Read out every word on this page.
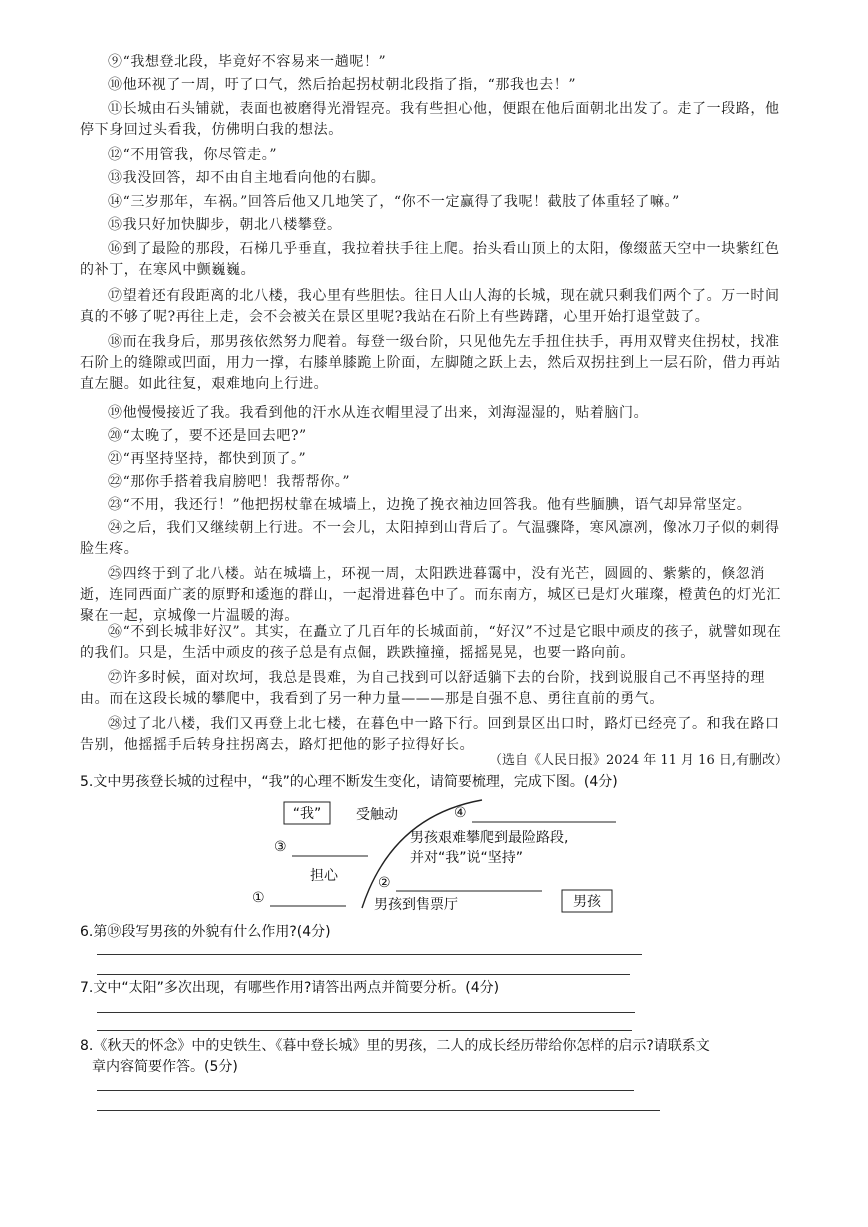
⑨“我想登北段，毕竟好不容易来一趟呢！”
⑩他环视了一周，吁了口气，然后抬起拐杖朝北段指了指，“那我也去！”
⑪长城由石头铺就，表面也被磨得光滑锃亮。我有些担心他，便跟在他后面朝北出发了。走了一段路，他停下身回过头看我，仿佛明白我的想法。
⑫“不用管我，你尽管走。”
⑬我没回答，却不由自主地看向他的右脚。
⑭“三岁那年，车祸。”回答后他又几地笑了，“你不一定赢得了我呢！截肢了体重轻了嘛。”
⑮我只好加快脚步，朝北八楼攀登。
⑯到了最险的那段，石梯几乎垂直，我拉着扶手往上爬。抬头看山顶上的太阳，像缀蓝天空中一块紫红色的补丁，在寒风中颤巍巍。
⑰望着还有段距离的北八楼，我心里有些胆怯。往日人山人海的长城，现在就只剩我们两个了。万一时间真的不够了呢?再往上走，会不会被关在景区里呢?我站在石阶上有些踌躇，心里开始打退堂鼓了。
⑱而在我身后，那男孩依然努力爬着。每登一级台阶，只见他先左手扭住扶手，再用双臂夹住拐杖，找准石阶上的缝隙或凹面，用力一撑，右膝单膝跪上阶面，左脚随之跃上去，然后双拐拄到上一层石阶，借力再站直左腿。如此往复，艰难地向上行进。
⑲他慢慢接近了我。我看到他的汗水从连衣帽里浸了出来，刘海湿湿的，贴着脑门。
⑳“太晚了，要不还是回去吧?”
㉑“再坚持坚持，都快到顶了。”
㉒“那你手搭着我肩膀吧！我帮帮你。”
㉓“不用，我还行！”他把拐杖靠在城墙上，边挽了挽衣袖边回答我。他有些腼腆，语气却异常坚定。
㉔之后，我们又继续朝上行进。不一会儿，太阳掉到山背后了。气温骤降，寒风凛冽，像冰刀子似的刺得脸生疼。
㉕四终于到了北八楼。站在城墙上，环视一周，太阳跌进暮霭中，没有光芒，圆圆的、紫紫的，倏忽消逝，连同西面广袤的原野和逶迤的群山，一起滑进暮色中了。而东南方，城区已是灯火璀璨，橙黄色的灯光汇聚在一起，京城像一片温暖的海。
㉖“不到长城非好汉”。其实，在矗立了几百年的长城面前，“好汉”不过是它眼中顽皮的孩子，就譬如现在的我们。只是，生活中顽皮的孩子总是有点倔，跌跌撞撞，摇摇晃晃，也要一路向前。
㉗许多时候，面对坎坷，我总是畏难，为自己找到可以舒适躺下去的台阶，找到说服自己不再坚持的理由。而在这段长城的攀爬中，我看到了另一种力量———那是自强不息、勇往直前的勇气。
㉘过了北八楼，我们又再登上北七楼，在暮色中一路下行。回到景区出口时，路灯已经亮了。和我在路口告别，他摇摇手后转身拄拐离去，路灯把他的影子拉得好长。
（选自《人民日报》2024 年 11 月 16 日,有删改）
5.文中男孩登长城的过程中，“我”的心理不断发生变化，请简要梳理，完成下图。(4分)
“我” 受触动	④
男孩艰难攀爬到最险路段,
并对“我”说“坚持”
③
担心	②
①	男孩到售票厅	男孩
6.第⑲段写男孩的外貌有什么作用?(4分)
7.文中“太阳”多次出现，有哪些作用?请答出两点并简要分析。(4分)
8.《秋天的怀念》中的史铁生、《暮中登长城》里的男孩，二人的成长经历带给你怎样的启示?请联系文
章内容简要作答。(5分)
